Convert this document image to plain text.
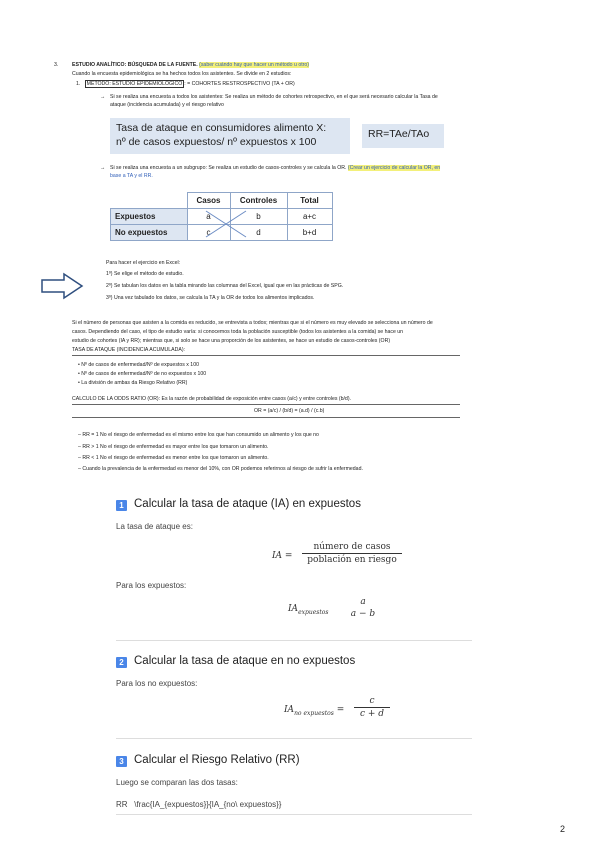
3.	ESTUDIO ANALÍTICO: BÚSQUEDA DE LA FUENTE. (saber cuándo hay que hacer un método u otro)
Cuando la encuesta epidemiológica se ha hechos todos los asistentes. Se divide en 2 estudios:
1. MÉTODO: ESTUDIO EPIDEMIOLÓGICO : = COHORTES RESTROSPECTIVO (TA + OR)
→ Si se realiza una encuesta a todos los asistentes: Se realiza un método de cohortes retrospectivo, en el que será necesario calcular la Tasa de
ataque (incidencia acumulada) y el riesgo relativo
Tasa de ataque en consumidores alimento X:
nº de casos expuestos/ nº expuestos x 100
RR=TAe/TAo
→ Si se realiza una encuesta a un subgrupo: Se realiza un estudio de casos-controles y se calcula la OR. (Crear un ejercicio de calcular la OR, en
base a TA y el RR.
	Casos	Controles	Total
Expuestos	a	b	a+c
No expuestos	c	d	b+d
Para hacer el ejercicio en Excel:
1º) Se elige el método de estudio.
2º) Se tabulan los datos en la tabla mirando las columnas del Excel, igual que en las prácticas de SPG.
3º) Una vez tabulado los datos, se calcula la TA y la OR de todos los alimentos implicados.
Si el número de personas que asisten a la comida es reducido, se entrevista a todos; mientras que si el número es muy elevado se selecciona un número de
casos. Dependiendo del caso, el tipo de estudio varía: si conocemos toda la población susceptible (todos los asistentes a la comida) se hace un
estudio de cohortes (IA y RR); mientras que, si solo se hace una proporción de los asistentes, se hace un estudio de casos-controles (OR)
TASA DE ATAQUE (INCIDENCIA ACUMULADA):
• Nº de casos de enfermedad/Nº de expuestos x 100
• Nº de casos de enfermedad/Nº de no expuestos x 100
• La división de ambas da Riesgo Relativo (RR)
CALCULO DE LA ODDS RATIO (OR): Es la razón de probabilidad de exposición entre casos (a/c) y entre controles (b/d).
OR = (a/c) / (b/d) = (a.d) / (c.b)
– RR = 1 No el riesgo de enfermedad es el mismo entre los que han consumido un alimento y los que no
– RR > 1 No el riesgo de enfermedad es mayor entre los que tomaron un alimento.
– RR < 1 No el riesgo de enfermedad es menor entre los que tomaron un alimento.
– Cuando la prevalencia de la enfermedad es menor del 10%, con OR podemos referirnos al riesgo de sufrir la enfermedad.
1 Calcular la tasa de ataque (IA) en expuestos
La tasa de ataque es:
IA =
número de casos
población en riesgo
Para los expuestos:
$IA_{expuestos}$
a
a − b
2 Calcular la tasa de ataque en no expuestos
Para los no expuestos:
$IA_{no expuestos} = \frac{c}{c + d}$
3 Calcular el Riesgo Relativo (RR)
Luego se comparan las dos tasas:
RR   \frac{IA_{expuestos}}{IA_{no\ expuestos}}
2
